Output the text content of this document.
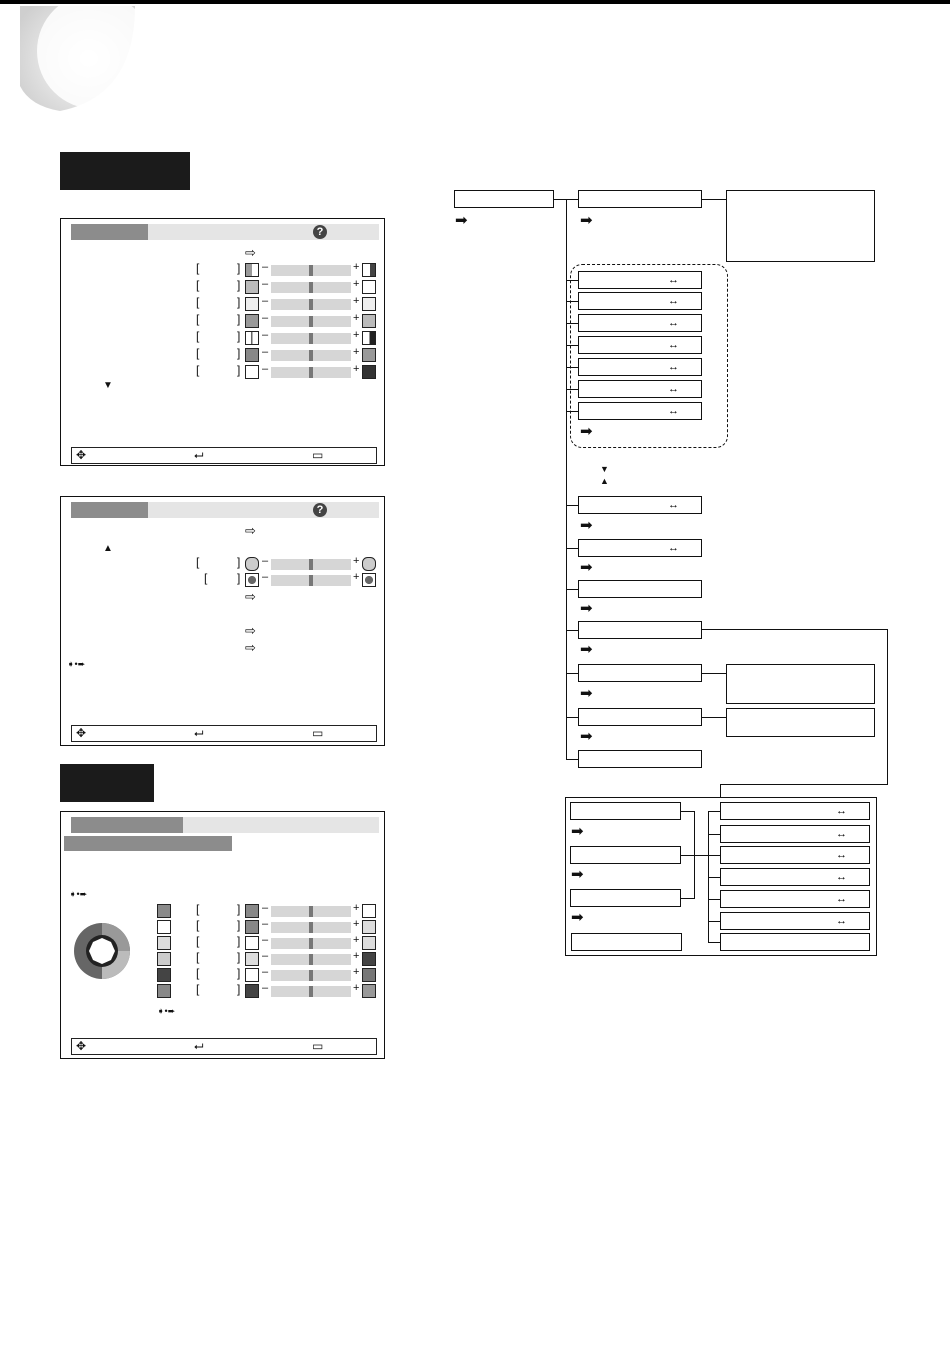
?
⇨
[	] –	+
[	] –	+
[	] –	+
[	] –	+
[	] –	+
[	] –	+
[	] –	+
▼
✥	⮠	▭
?
⇨
▲
[	] –	+
[ ] –	+
⇨
⇨
⇨
➧•➨
✥	⮠	▭
➧•➨
[	] –	+
[	] –	+
[	] –	+
[	] –	+
[	] –	+
[	] –	+
➧•➨
✥	⮠	▭
➡	➡
↔
↔
↔
↔
↔
↔
↔
➡
▼
▲
↔
➡
↔
➡
➡
➡
➡
➡
➡
➡
➡
↔
↔
↔
↔
↔
↔
